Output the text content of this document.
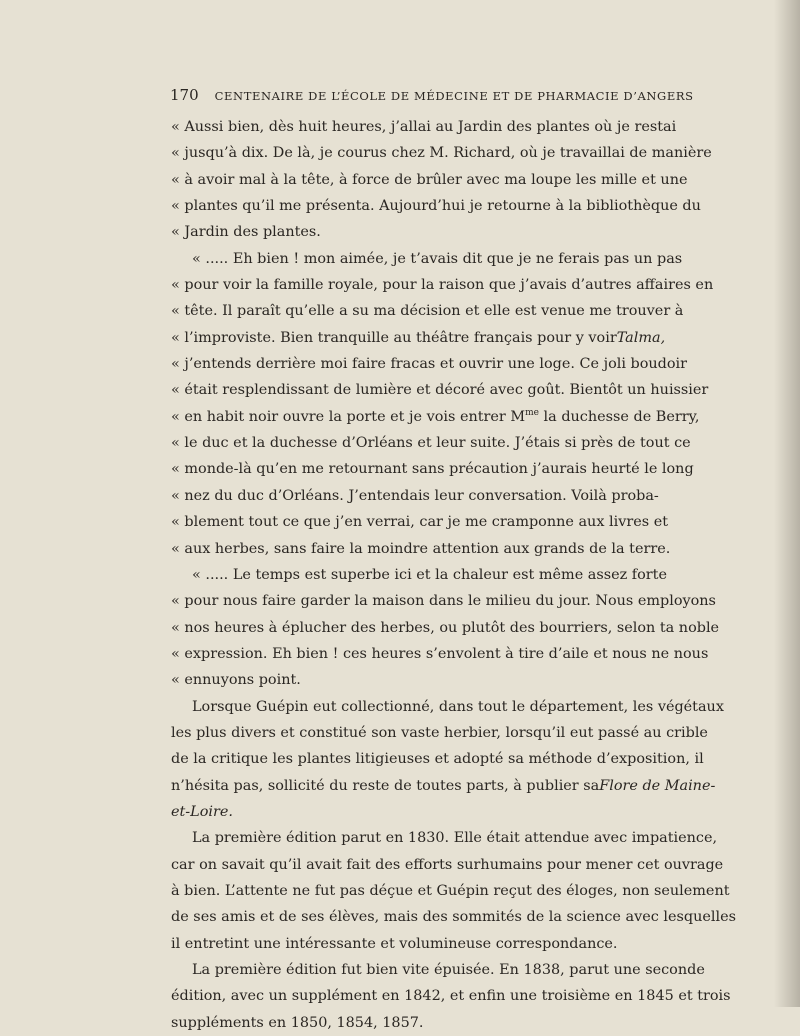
170 CENTENAIRE DE L’ÉCOLE DE MÉDECINE ET DE PHARMACIE D’ANGERS
« Aussi bien, dès huit heures, j’allai au Jardin des plantes où je restai
« jusqu’à dix. De là, je courus chez M. Richard, où je travaillai de manière
« à avoir mal à la tête, à force de brûler avec ma loupe les mille et une
« plantes qu’il me présenta. Aujourd’hui je retourne à la bibliothèque du
« Jardin des plantes.
« ..... Eh bien ! mon aimée, je t’avais dit que je ne ferais pas un pas
« pour voir la famille royale, pour la raison que j’avais d’autres affaires en
« tête. Il paraît qu’elle a su ma décision et elle est venue me trouver à
« l’improviste. Bien tranquille au théâtre français pour y voir Talma,
« j’entends derrière moi faire fracas et ouvrir une loge. Ce joli boudoir
« était resplendissant de lumière et décoré avec goût. Bientôt un huissier
« en habit noir ouvre la porte et je vois entrer M $^{me}$ la duchesse de Berry,
« le duc et la duchesse d’Orléans et leur suite. J’étais si près de tout ce
« monde-là qu’en me retournant sans précaution j’aurais heurté le long
« nez du duc d’Orléans. J’entendais leur conversation. Voilà proba-
« blement tout ce que j’en verrai, car je me cramponne aux livres et
« aux herbes, sans faire la moindre attention aux grands de la terre.
« ..... Le temps est superbe ici et la chaleur est même assez forte
« pour nous faire garder la maison dans le milieu du jour. Nous employons
« nos heures à éplucher des herbes, ou plutôt des bourriers, selon ta noble
« expression. Eh bien ! ces heures s’envolent à tire d’aile et nous ne nous
« ennuyons point.
Lorsque Guépin eut collectionné, dans tout le département, les végétaux
les plus divers et constitué son vaste herbier, lorsqu’il eut passé au crible
de la critique les plantes litigieuses et adopté sa méthode d’exposition, il
n’hésita pas, sollicité du reste de toutes parts, à publier sa Flore de Maine-
et-Loire.
La première édition parut en 1830. Elle était attendue avec impatience,
car on savait qu’il avait fait des efforts surhumains pour mener cet ouvrage
à bien. L’attente ne fut pas déçue et Guépin reçut des éloges, non seulement
de ses amis et de ses élèves, mais des sommités de la science avec lesquelles
il entretint une intéressante et volumineuse correspondance.
La première édition fut bien vite épuisée. En 1838, parut une seconde
édition, avec un supplément en 1842, et enfin une troisième en 1845 et trois
suppléments en 1850, 1854, 1857.
